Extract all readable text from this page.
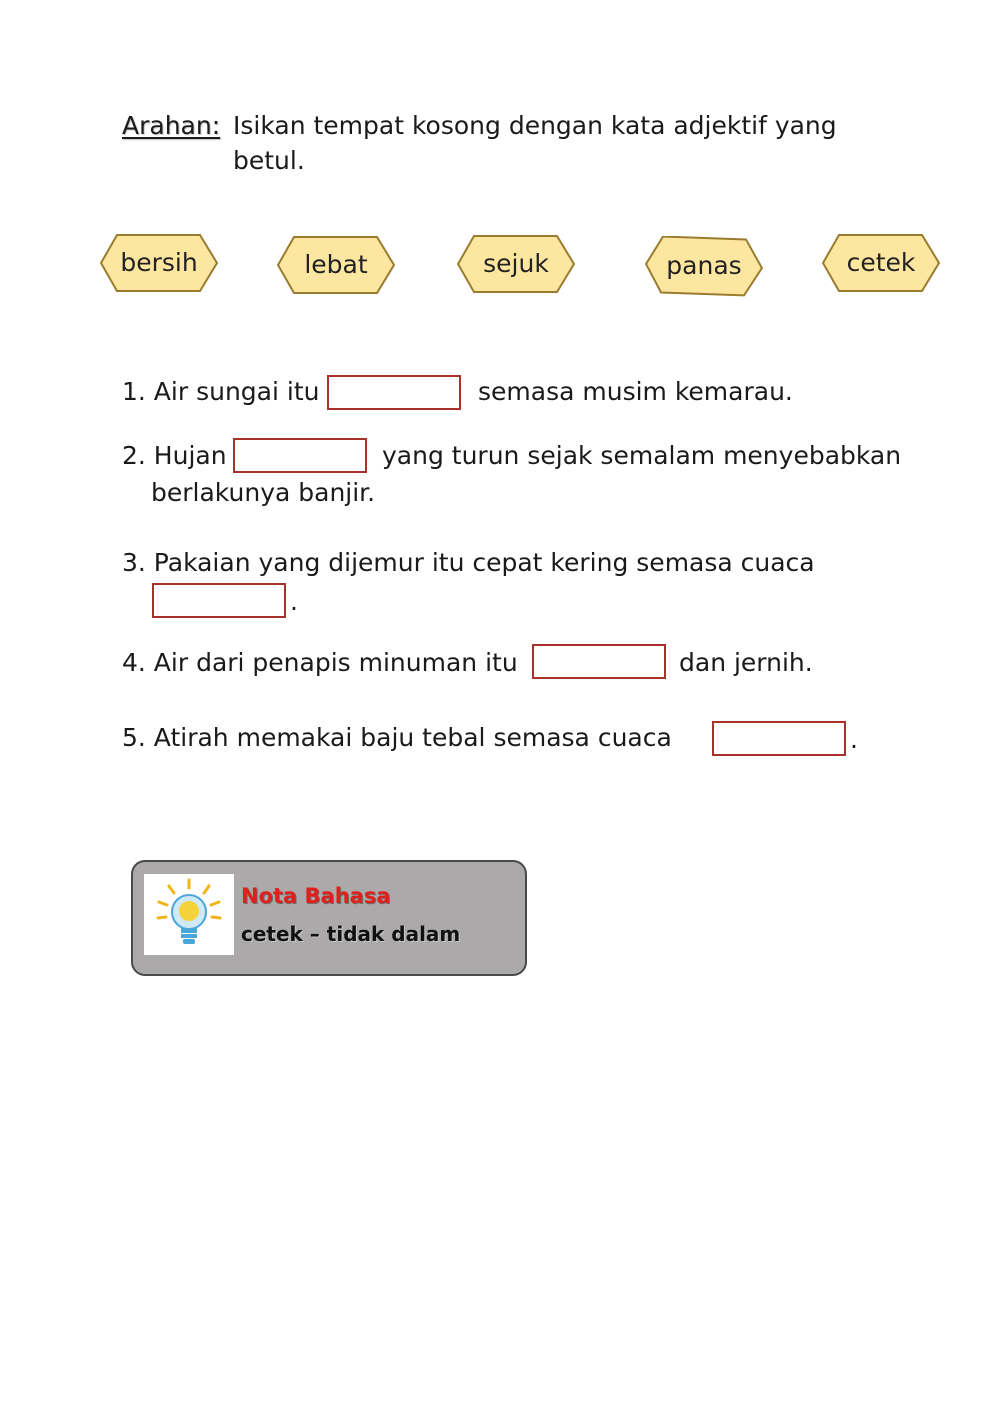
Arahan: Isikan tempat kosong dengan kata adjektif yang
betul.
bersih	lebat	sejuk	panas	cetek
1. Air sungai itu	semasa musim kemarau.
2. Hujan	yang turun sejak semalam menyebabkan
berlakunya banjir.
3. Pakaian yang dijemur itu cepat kering semasa cuaca
.
4. Air dari penapis minuman itu	dan jernih.
5. Atirah memakai baju tebal semasa cuaca	.
Nota Bahasa
cetek – tidak dalam
